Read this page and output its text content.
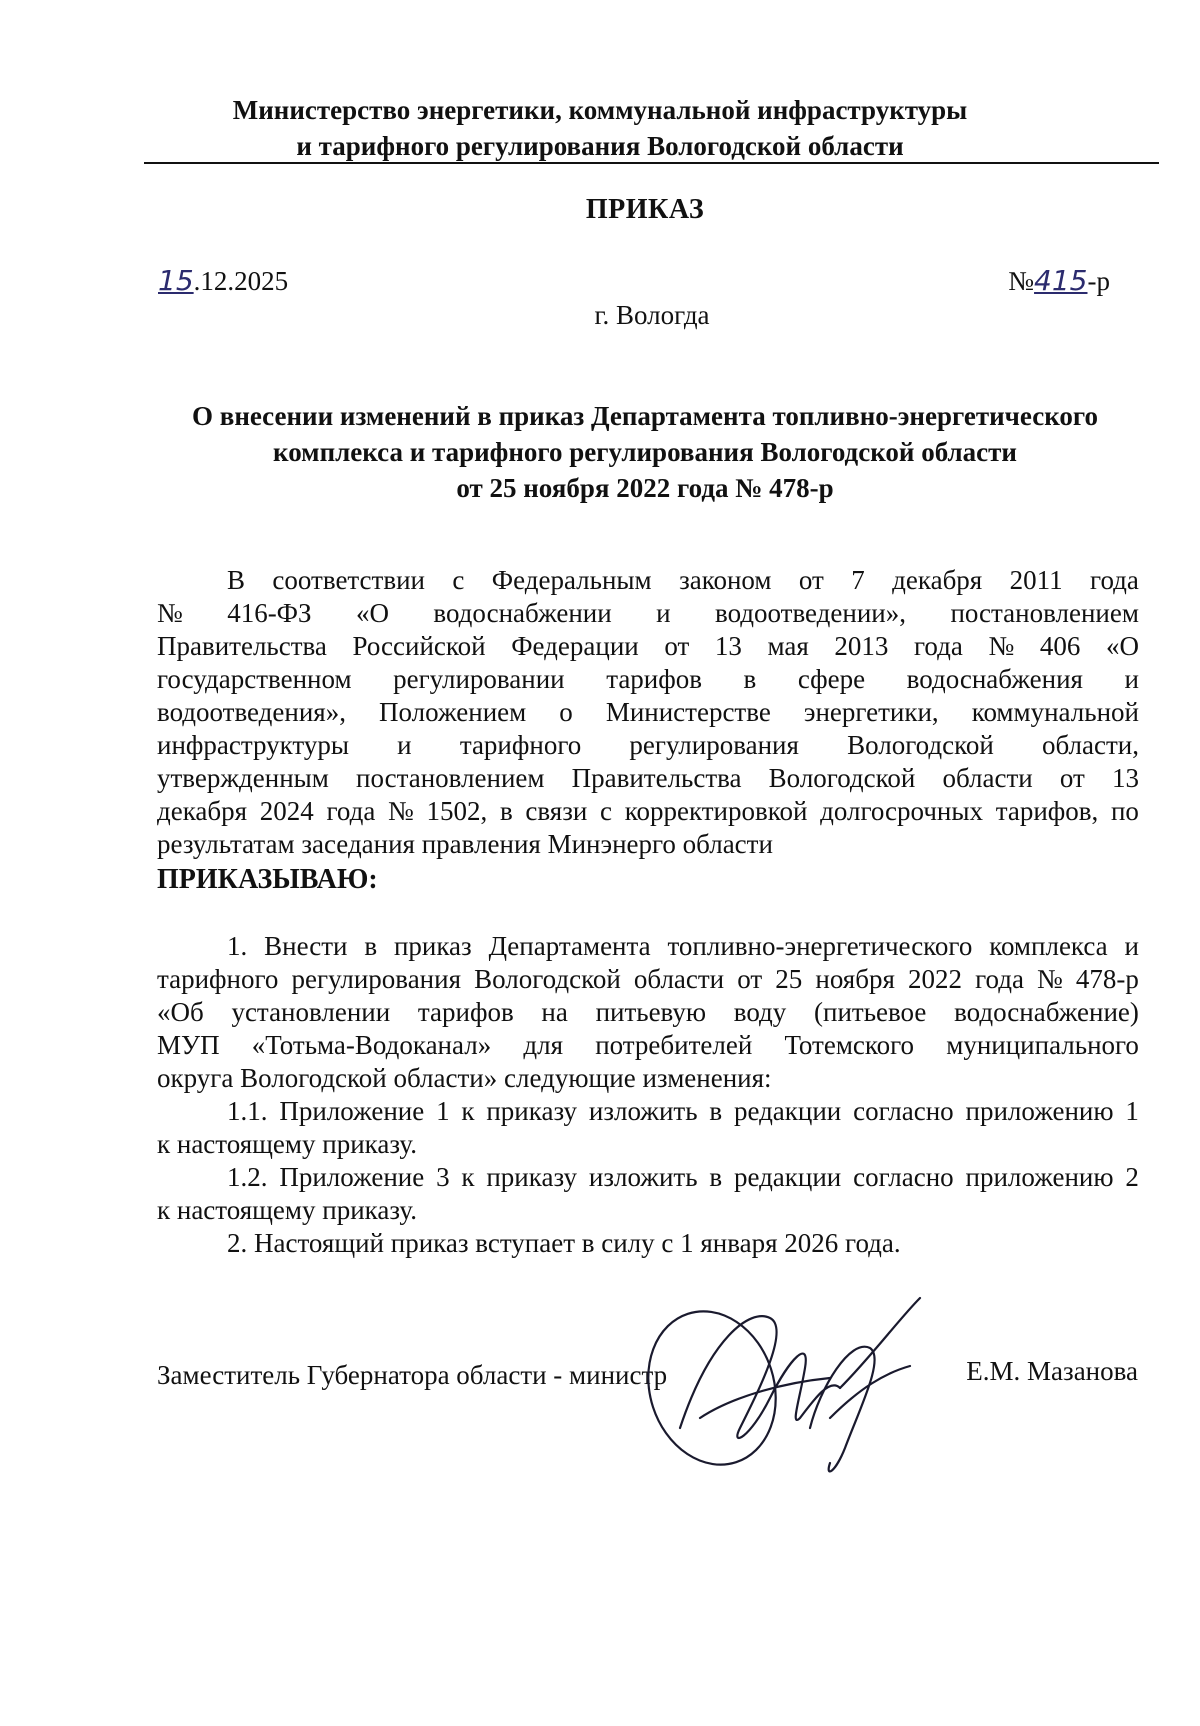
Министерство энергетики, коммунальной инфраструктуры
и тарифного регулирования Вологодской области
ПРИКАЗ
15.12.2025	№415-р
г. Вологда
О внесении изменений в приказ Департамента топливно-энергетического
комплекса и тарифного регулирования Вологодской области
от 25 ноября 2022 года № 478-р
В соответствии с Федеральным законом от 7 декабря 2011 года
№ 416-ФЗ «О водоснабжении и водоотведении», постановлением
Правительства Российской Федерации от 13 мая 2013 года № 406 «О
государственном регулировании тарифов в сфере водоснабжения и
водоотведения», Положением о Министерстве энергетики, коммунальной
инфраструктуры и тарифного регулирования Вологодской области,
утвержденным постановлением Правительства Вологодской области от 13
декабря 2024 года № 1502, в связи с корректировкой долгосрочных тарифов, по
результатам заседания правления Минэнерго области
ПРИКАЗЫВАЮ:
1. Внести в приказ Департамента топливно-энергетического комплекса и
тарифного регулирования Вологодской области от 25 ноября 2022 года № 478-р
«Об установлении тарифов на питьевую воду (питьевое водоснабжение)
МУП «Тотьма-Водоканал» для потребителей Тотемского муниципального
округа Вологодской области» следующие изменения:
1.1. Приложение 1 к приказу изложить в редакции согласно приложению 1
к настоящему приказу.
1.2. Приложение 3 к приказу изложить в редакции согласно приложению 2
к настоящему приказу.
2. Настоящий приказ вступает в силу с 1 января 2026 года.
Заместитель Губернатора области - министр	Е.М. Мазанова
